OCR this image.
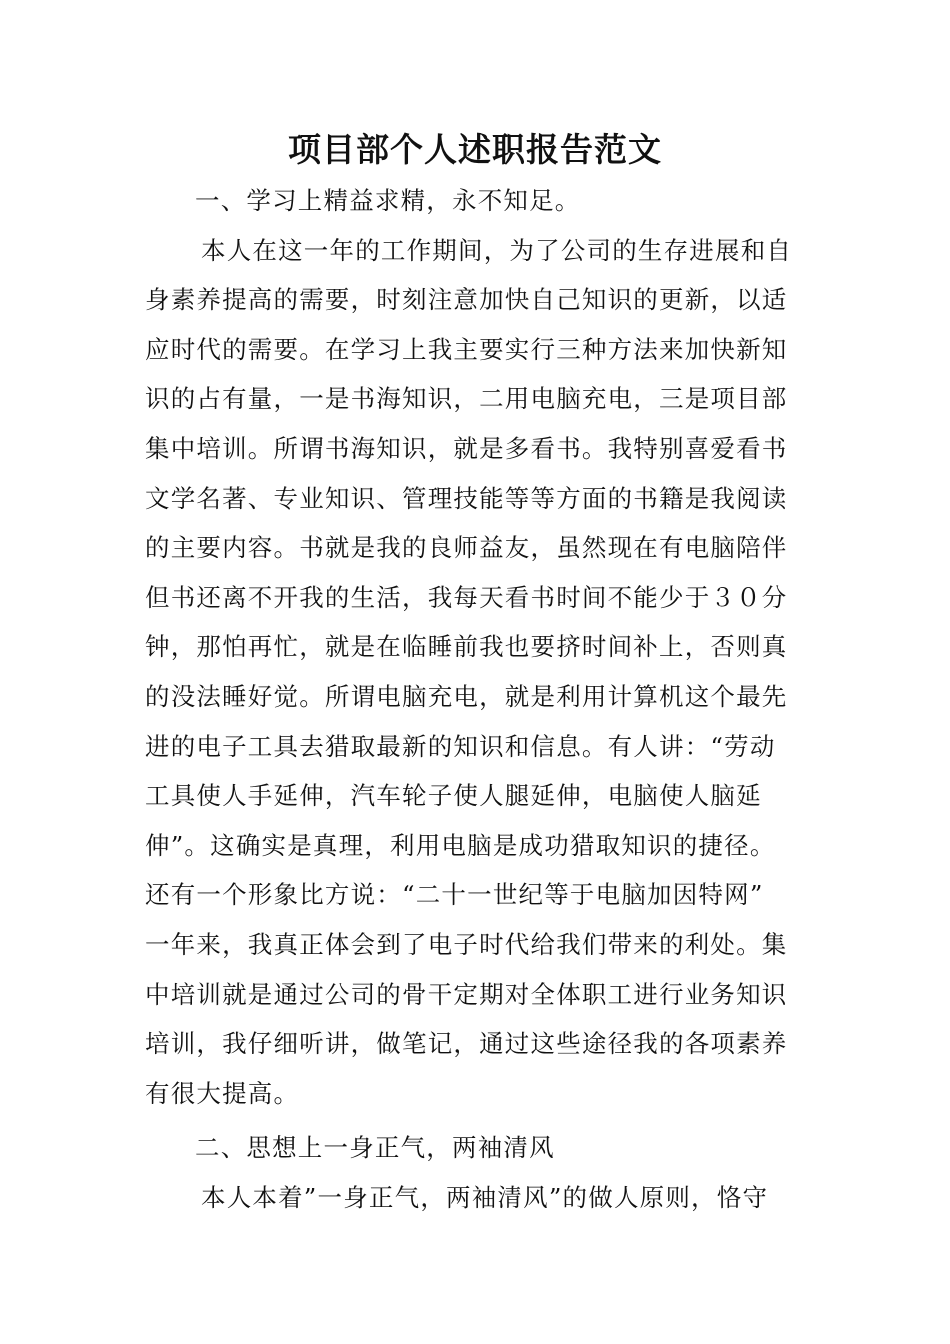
项目部个人述职报告范文
一、学习上精益求精，永不知足。
本人在这一年的工作期间，为了公司的生存进展和自
身素养提高的需要，时刻注意加快自己知识的更新，以适
应时代的需要。在学习上我主要实行三种方法来加快新知
识的占有量，一是书海知识，二用电脑充电，三是项目部
集中培训。所谓书海知识，就是多看书。我特别喜爱看书
文学名著、专业知识、管理技能等等方面的书籍是我阅读
的主要内容。书就是我的良师益友，虽然现在有电脑陪伴
但书还离不开我的生活，我每天看书时间不能少于３０分
钟，那怕再忙，就是在临睡前我也要挤时间补上，否则真
的没法睡好觉。所谓电脑充电，就是利用计算机这个最先
进的电子工具去猎取最新的知识和信息。有人讲：“劳动
工具使人手延伸，汽车轮子使人腿延伸，电脑使人脑延
伸”。这确实是真理，利用电脑是成功猎取知识的捷径。
还有一个形象比方说：“二十一世纪等于电脑加因特网”
一年来，我真正体会到了电子时代给我们带来的利处。集
中培训就是通过公司的骨干定期对全体职工进行业务知识
培训，我仔细听讲，做笔记，通过这些途径我的各项素养
有很大提高。
二、思想上一身正气，两袖清风
本人本着”一身正气，两袖清风”的做人原则，恪守
